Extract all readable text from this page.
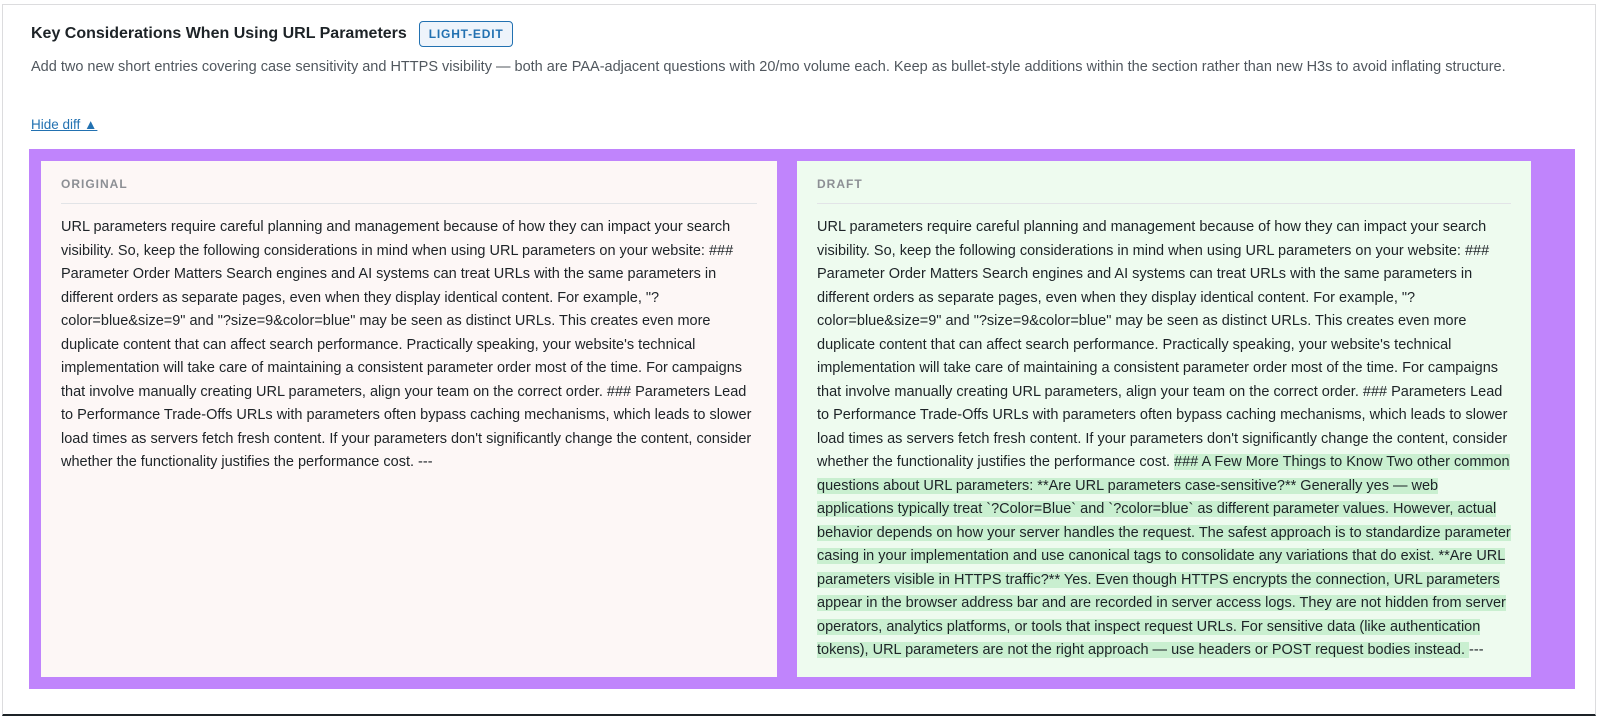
Key Considerations When Using URL Parameters	LIGHT-EDIT
Add two new short entries covering case sensitivity and HTTPS visibility — both are PAA-adjacent questions with 20/mo volume each. Keep as bullet-style additions within the section rather than new H3s to avoid inflating structure.
Hide diff ▲
ORIGINAL
URL parameters require careful planning and management because of how they can impact your search visibility. So, keep the following considerations in mind when using URL parameters on your website: ### Parameter Order Matters Search engines and AI systems can treat URLs with the same parameters in different orders as separate pages, even when they display identical content. For example, "?color=blue&size=9" and "?size=9&color=blue" may be seen as distinct URLs. This creates even more duplicate content that can affect search performance. Practically speaking, your website's technical implementation will take care of maintaining a consistent parameter order most of the time. For campaigns that involve manually creating URL parameters, align your team on the correct order. ### Parameters Lead to Performance Trade-Offs URLs with parameters often bypass caching mechanisms, which leads to slower load times as servers fetch fresh content. If your parameters don't significantly change the content, consider whether the functionality justifies the performance cost. ---
DRAFT
URL parameters require careful planning and management because of how they can impact your search visibility. So, keep the following considerations in mind when using URL parameters on your website: ### Parameter Order Matters Search engines and AI systems can treat URLs with the same parameters in different orders as separate pages, even when they display identical content. For example, "?color=blue&size=9" and "?size=9&color=blue" may be seen as distinct URLs. This creates even more duplicate content that can affect search performance. Practically speaking, your website's technical implementation will take care of maintaining a consistent parameter order most of the time. For campaigns that involve manually creating URL parameters, align your team on the correct order. ### Parameters Lead to Performance Trade-Offs URLs with parameters often bypass caching mechanisms, which leads to slower load times as servers fetch fresh content. If your parameters don't significantly change the content, consider whether the functionality justifies the performance cost. ### A Few More Things to Know Two other common questions about URL parameters: **Are URL parameters case-sensitive?** Generally yes — web applications typically treat `?Color=Blue` and `?color=blue` as different parameter values. However, actual behavior depends on how your server handles the request. The safest approach is to standardize parameter casing in your implementation and use canonical tags to consolidate any variations that do exist. **Are URL parameters visible in HTTPS traffic?** Yes. Even though HTTPS encrypts the connection, URL parameters appear in the browser address bar and are recorded in server access logs. They are not hidden from server operators, analytics platforms, or tools that inspect request URLs. For sensitive data (like authentication tokens), URL parameters are not the right approach — use headers or POST request bodies instead. ---
